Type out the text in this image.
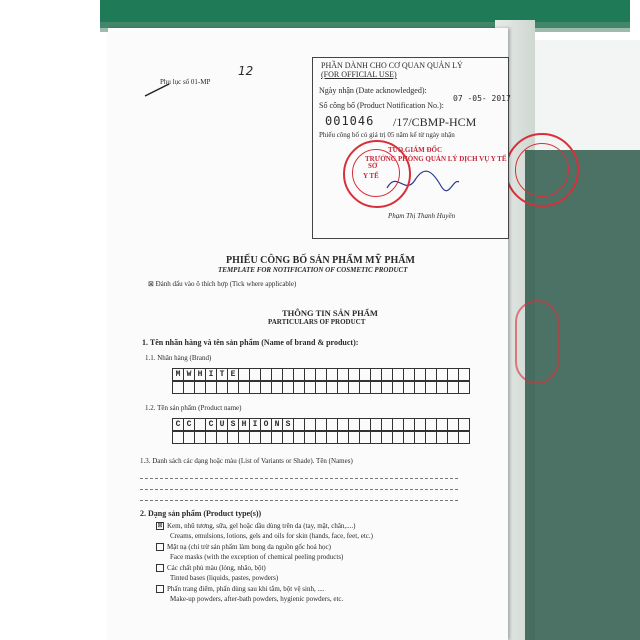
Phụ lục số 01-MP
12	PHẦN DÀNH CHO CƠ QUAN QUẢN LÝ
(FOR OFFICIAL USE)
Ngày nhận (Date acknowledged):
07 -05- 2017
Số công bố (Product Notification No.):
001046 /17/CBMP-HCM
Phiếu công bố có giá trị 05 năm kể từ ngày nhận
TUQ.GIÁM ĐỐC
TRƯỞNG PHÒNG QUẢN LÝ DỊCH VỤ Y TẾ
Phạm Thị Thanh Huyền
SỞ
Y TẾ
PHIẾU CÔNG BỐ SẢN PHẨM MỸ PHẨM
TEMPLATE FOR NOTIFICATION OF COSMETIC PRODUCT
⊠ Đánh dấu vào ô thích hợp (Tick where applicable)
THÔNG TIN SẢN PHẨM
PARTICULARS OF PRODUCT
1. Tên nhãn hàng và tên sản phẩm (Name of brand & product):
1.1. Nhãn hàng (Brand)
M W H I T E
1.2. Tên sản phẩm (Product name)
C C	C U S H I O N S
1.3. Danh sách các dạng hoặc màu (List of Variants or Shade). Tên (Names)
2. Dạng sản phẩm (Product type(s))
⊠ Kem, nhũ tương, sữa, gel hoặc dầu dùng trên da (tay, mặt, chân,....)
Creams, emulsions, lotions, gels and oils for skin (hands, face, feet, etc.)
Mặt nạ (chỉ trừ sản phẩm làm bong da nguồn gốc hoá học)
Face masks (with the exception of chemical peeling products)
Các chất phủ màu (lỏng, nhão, bột)
Tinted bases (liquids, pastes, powders)
Phấn trang điểm, phấn dùng sau khi tắm, bột vệ sinh, ....
Make-up powders, after-bath powders, hygienic powders, etc.
